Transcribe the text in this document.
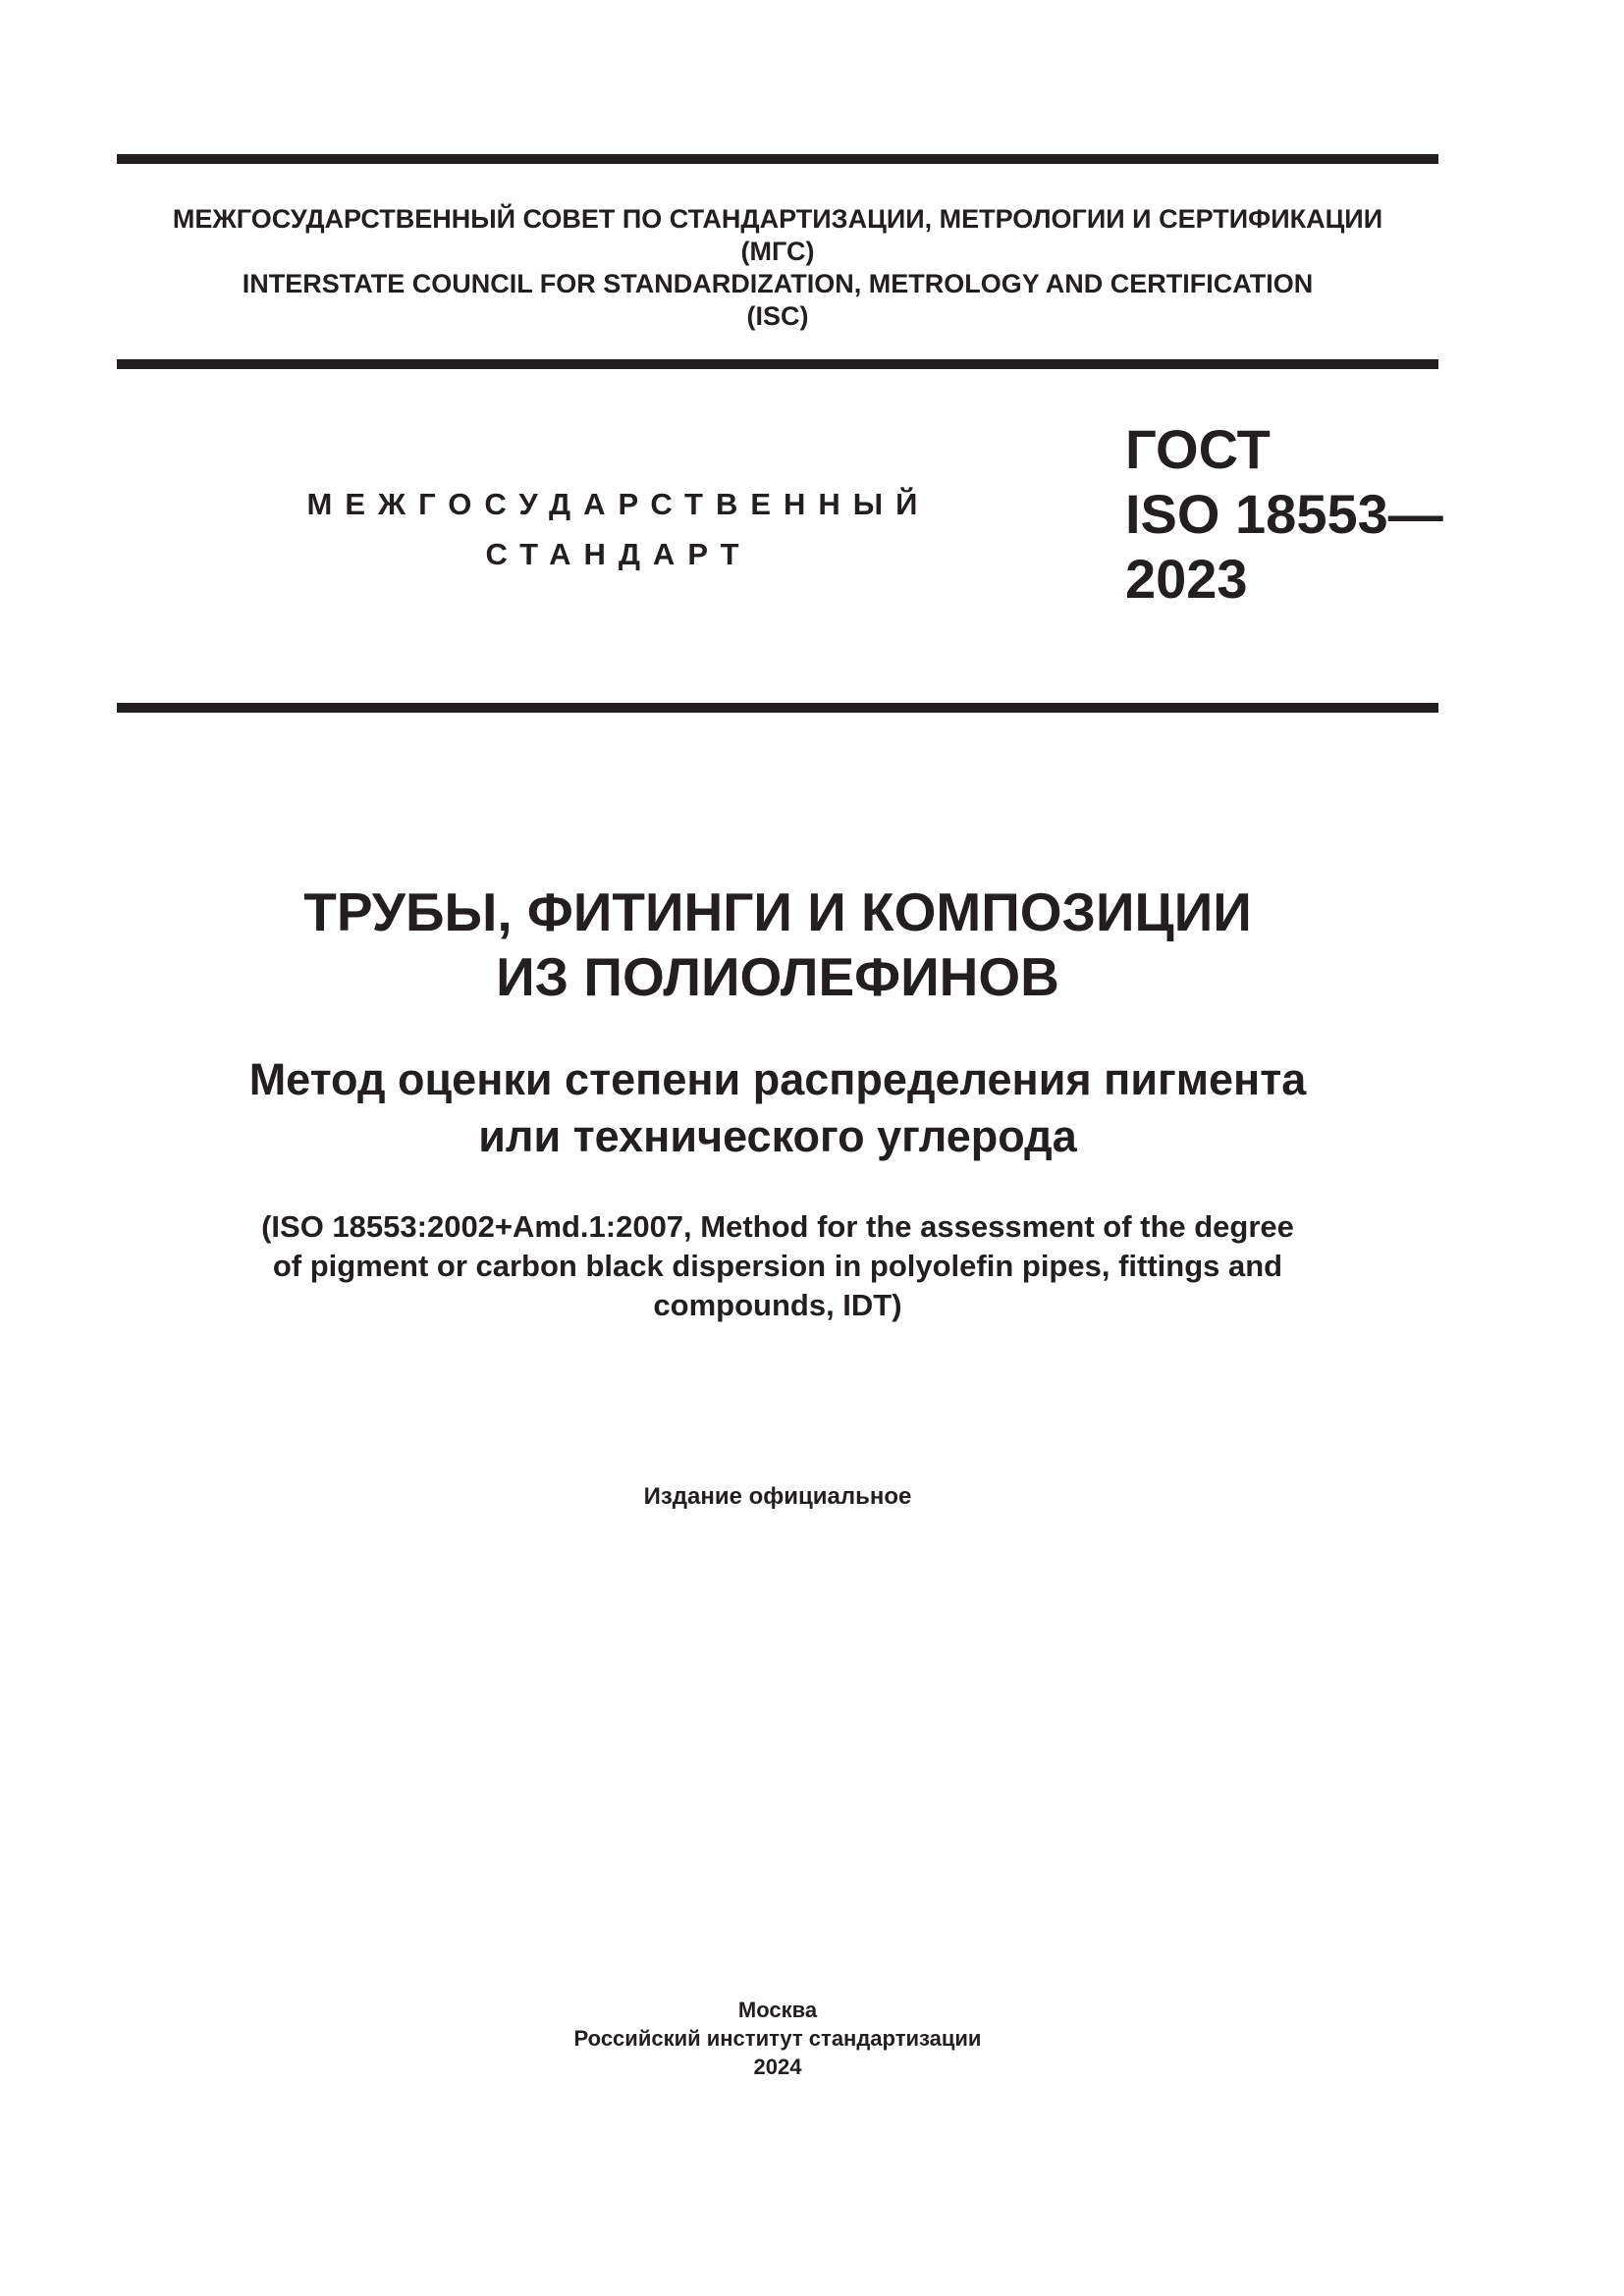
МЕЖГОСУДАРСТВЕННЫЙ СОВЕТ ПО СТАНДАРТИЗАЦИИ, МЕТРОЛОГИИ И СЕРТИФИКАЦИИ
(МГС)
INTERSTATE COUNCIL FOR STANDARDIZATION, METROLOGY AND CERTIFICATION
(ISC)
МЕЖГОСУДАРСТВЕННЫЙ
СТАНДАРТ
ГОСТ
ISO 18553—
2023
ТРУБЫ, ФИТИНГИ И КОМПОЗИЦИИ
ИЗ ПОЛИОЛЕФИНОВ
Метод оценки степени распределения пигмента
или технического углерода
(ISO 18553:2002+Amd.1:2007, Method for the assessment of the degree
of pigment or carbon black dispersion in polyolefin pipes, fittings and
compounds, IDT)
Издание официальное
Москва
Российский институт стандартизации
2024
